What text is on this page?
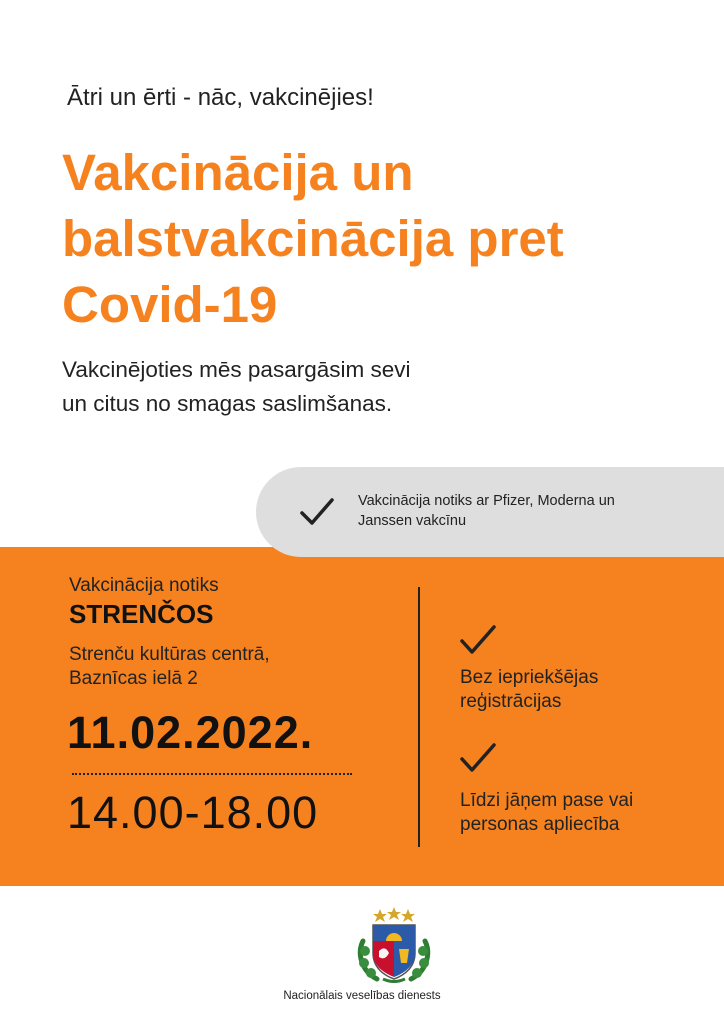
Ātri un ērti - nāc, vakcinējies!
Vakcinācija un
balstvakcinācija pret
Covid-19
Vakcinējoties mēs pasargāsim sevi
un citus no smagas saslimšanas.
Vakcinācija notiks ar Pfizer, Moderna un
Janssen vakcīnu
Vakcinācija notiks
STRENČOS
Strenču kultūras centrā,
Baznīcas ielā 2
11.02.2022.
14.00-18.00
Bez iepriekšējas
reģistrācijas
Līdzi jāņem pase vai
personas apliecība
Nacionālais veselības dienests
